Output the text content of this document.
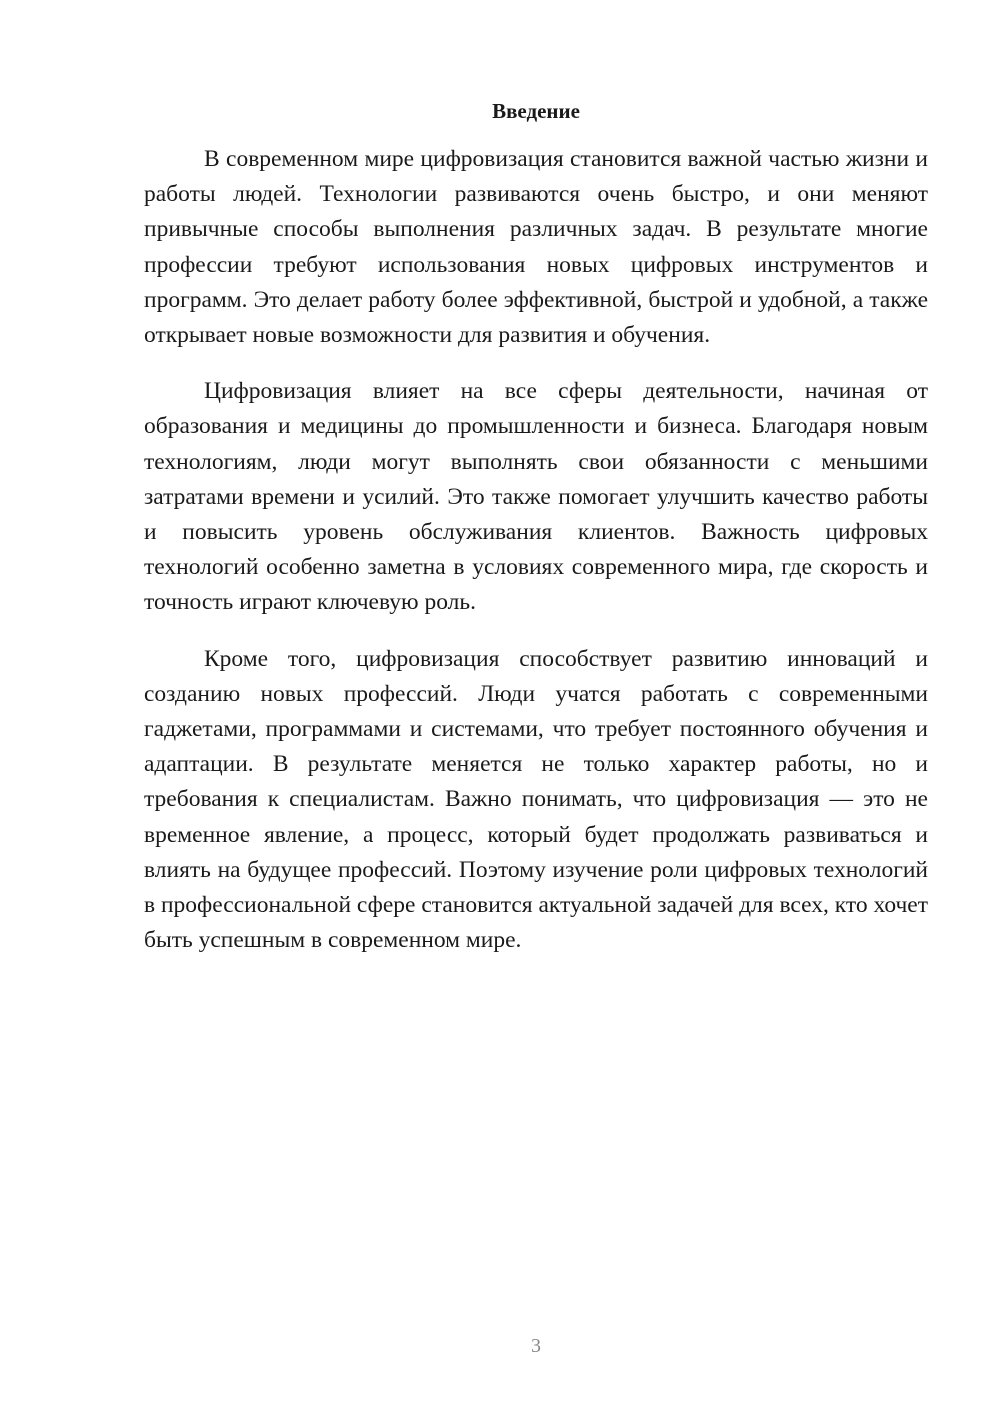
Введение

В современном мире цифровизация становится важной частью жизни и работы людей. Технологии развиваются очень быстро, и они меняют привычные способы выполнения различных задач. В результате многие профессии требуют использования новых цифровых инструментов и программ. Это делает работу более эффективной, быстрой и удобной, а также открывает новые возможности для развития и обучения.

Цифровизация влияет на все сферы деятельности, начиная от образования и медицины до промышленности и бизнеса. Благодаря новым технологиям, люди могут выполнять свои обязанности с меньшими затратами времени и усилий. Это также помогает улучшить качество работы и повысить уровень обслуживания клиентов. Важность цифровых технологий особенно заметна в условиях современного мира, где скорость и точность играют ключевую роль.

Кроме того, цифровизация способствует развитию инноваций и созданию новых профессий. Люди учатся работать с современными гаджетами, программами и системами, что требует постоянного обучения и адаптации. В результате меняется не только характер работы, но и требования к специалистам. Важно понимать, что цифровизация — это не временное явление, а процесс, который будет продолжать развиваться и влиять на будущее профессий. Поэтому изучение роли цифровых технологий в профессиональной сфере становится актуальной задачей для всех, кто хочет быть успешным в современном мире.

3
